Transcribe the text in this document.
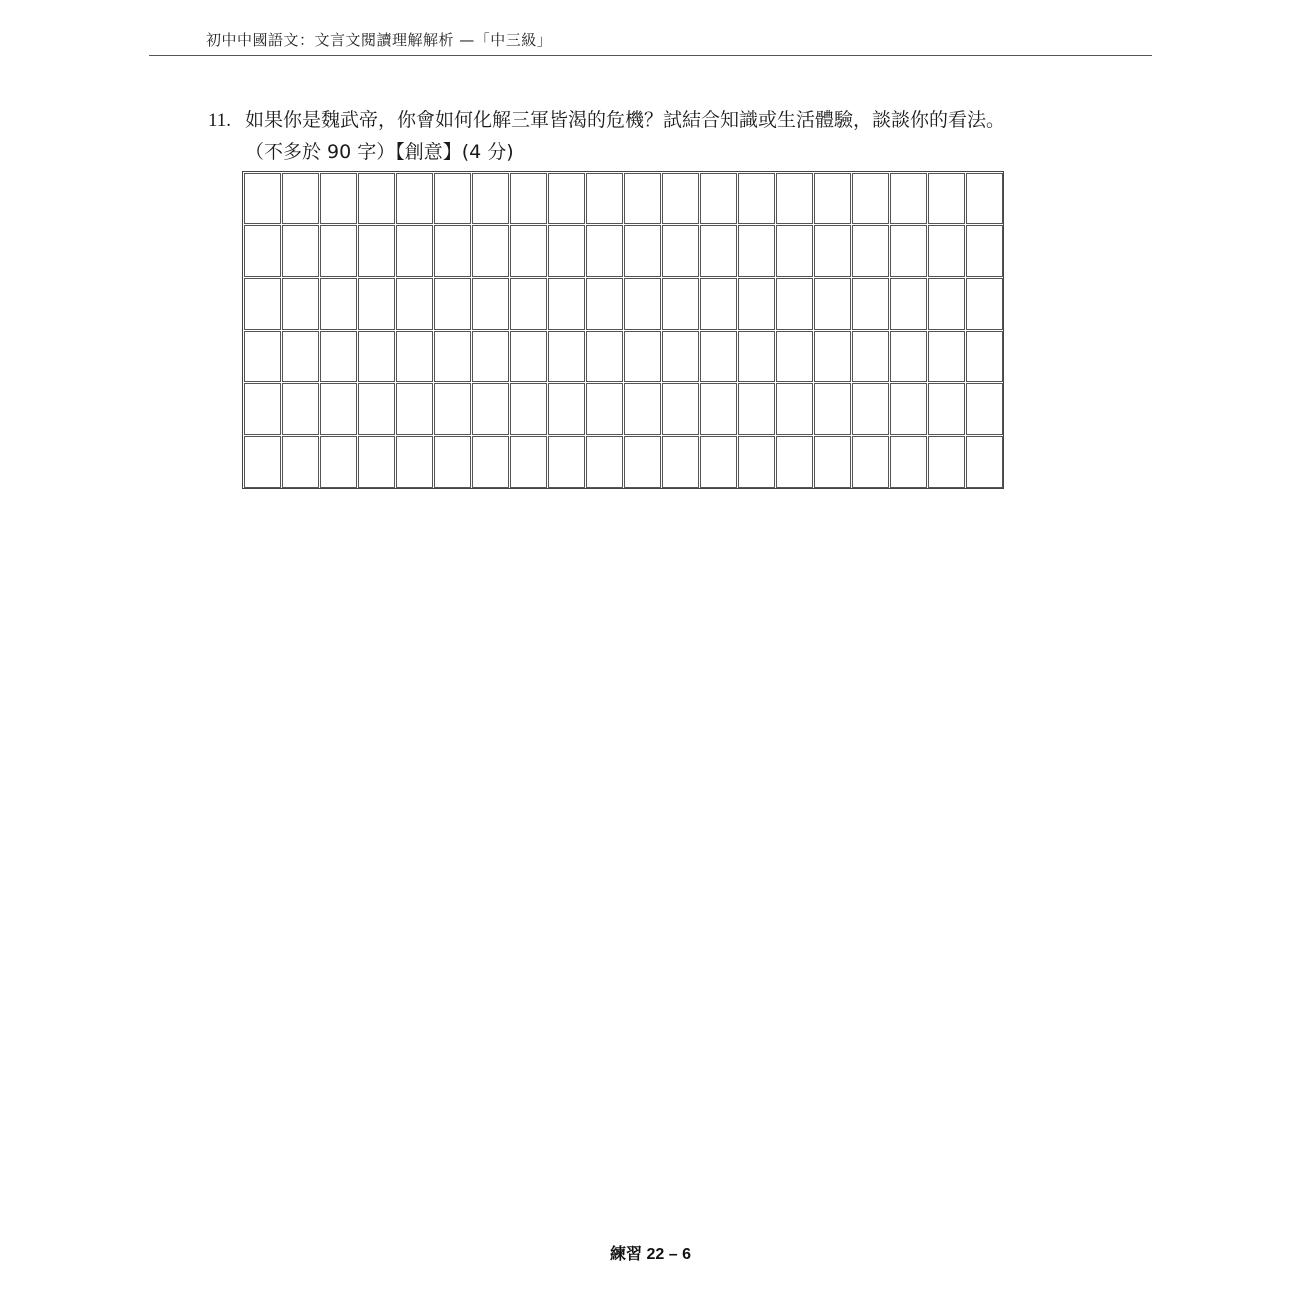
初中中國語文：文言文閱讀理解解析 —「中三級」
11. 如果你是魏武帝，你會如何化解三軍皆渴的危機？試結合知識或生活體驗，談談你的看法。
（不多於 90 字）【創意】(4 分)
練習 22 – 6
